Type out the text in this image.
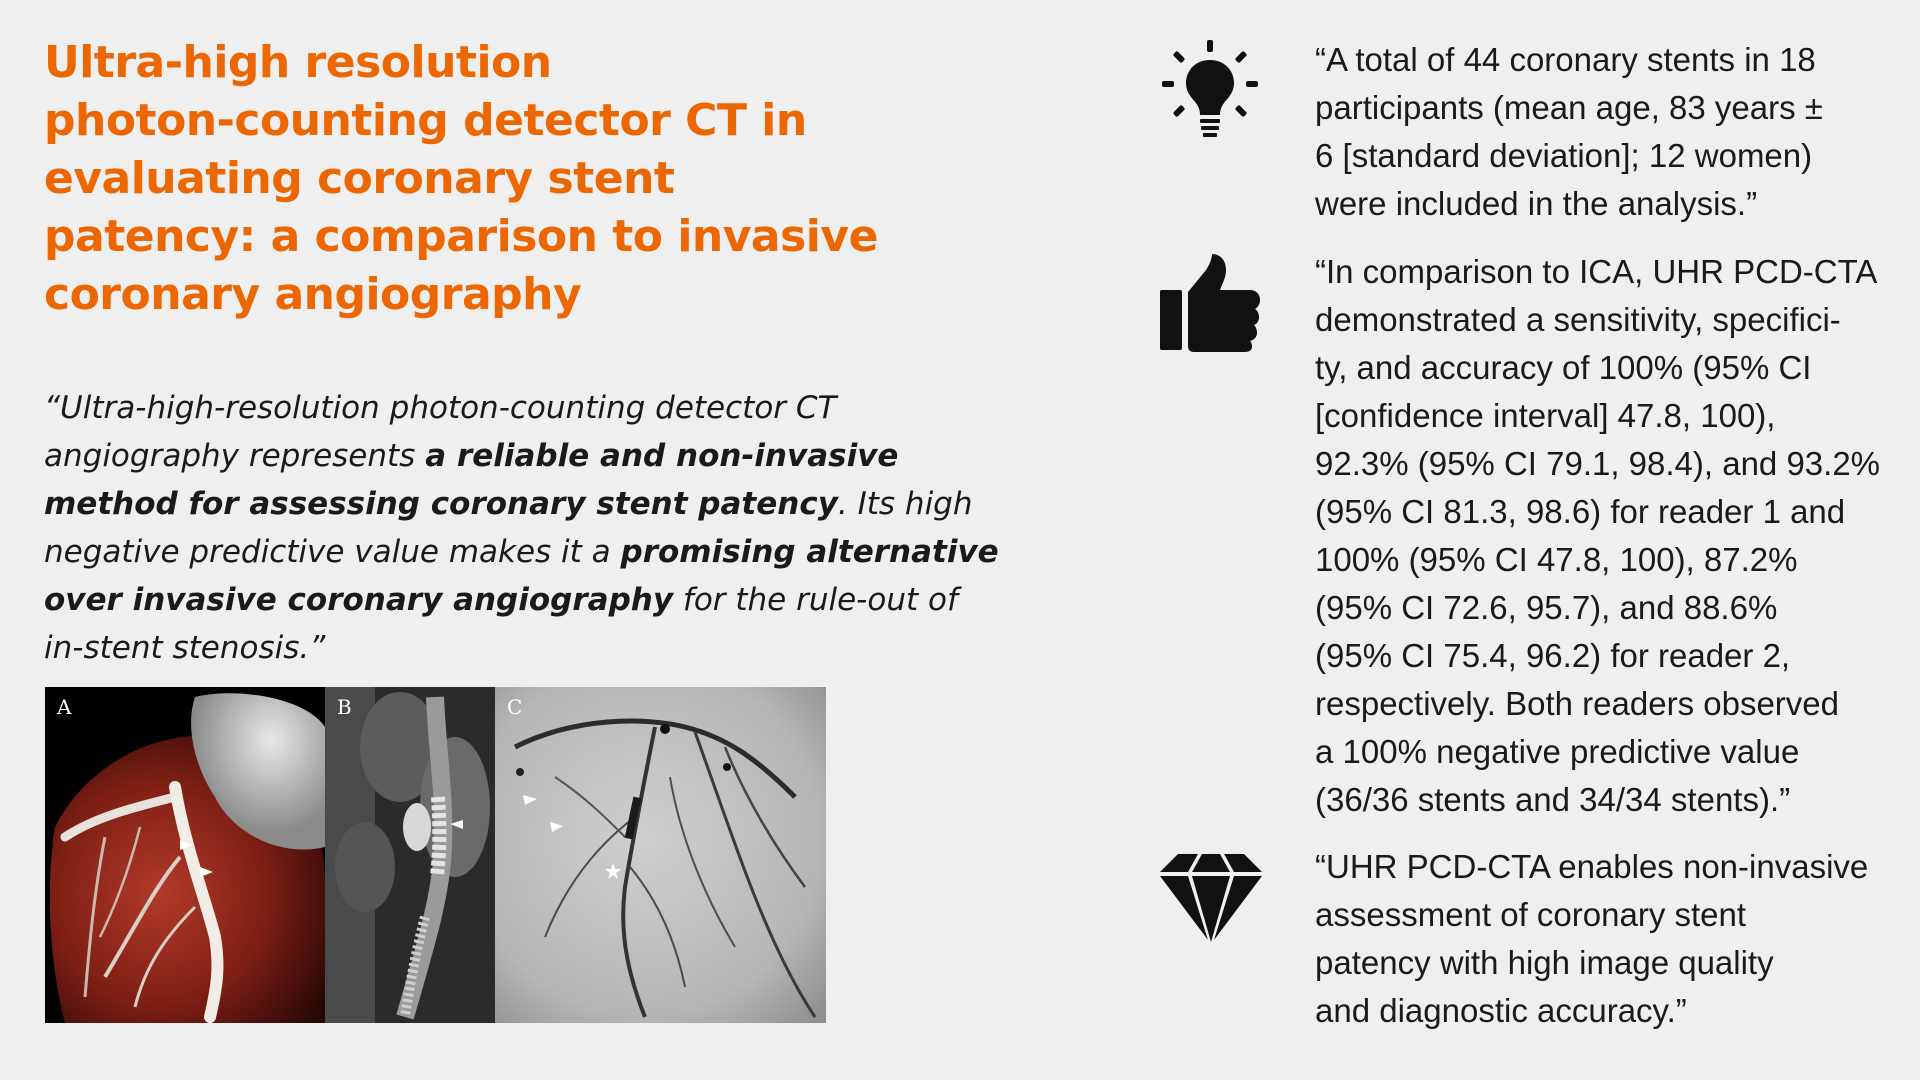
Ultra-high resolution
photon-counting detector CT in
evaluating coronary stent
patency: a comparison to invasive
coronary angiography
“Ultra-high-resolution photon-counting detector CT
angiography represents a reliable and non-invasive
method for assessing coronary stent patency. Its high
negative predictive value makes it a promising alternative
over invasive coronary angiography for the rule-out of
in-stent stenosis.”
A	B	C
“A total of 44 coronary stents in 18
participants (mean age, 83 years ±
6 [standard deviation]; 12 women)
were included in the analysis.”
“In comparison to ICA, UHR PCD-CTA
demonstrated a sensitivity, specifici-
ty, and accuracy of 100% (95% CI
[confidence interval] 47.8, 100),
92.3% (95% CI 79.1, 98.4), and 93.2%
(95% CI 81.3, 98.6) for reader 1 and
100% (95% CI 47.8, 100), 87.2%
(95% CI 72.6, 95.7), and 88.6%
(95% CI 75.4, 96.2) for reader 2,
respectively. Both readers observed
a 100% negative predictive value
(36/36 stents and 34/34 stents).”
“UHR PCD-CTA enables non-invasive
assessment of coronary stent
patency with high image quality
and diagnostic accuracy.”
